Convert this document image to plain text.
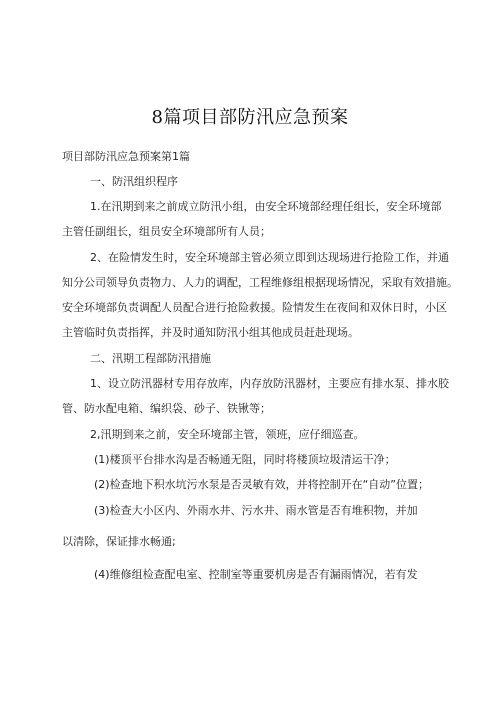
8篇项目部防汛应急预案
项目部防汛应急预案第1篇
一、防汛组织程序
1.在汛期到来之前成立防汛小组，由安全环境部经理任组长，安全环境部
主管任副组长，组员安全环境部所有人员；
2、在险情发生时，安全环境部主管必须立即到达现场进行抢险工作，并通
知分公司领导负责物力、人力的调配，工程维修组根据现场情况，采取有效措施。
安全环境部负责调配人员配合进行抢险救援。险情发生在夜间和双休日时，小区
主管临时负责指挥，并及时通知防汛小组其他成员赶赴现场。
二、汛期工程部防汛措施
1、设立防汛器材专用存放库，内存放防汛器材，主要应有排水泵、排水胶
管、防水配电箱、编织袋、砂子、铁锹等；
2,汛期到来之前，安全环境部主管，领班，应仔细巡查。
(1)楼顶平台排水沟是否畅通无阻，同时将楼顶垃圾清运干净；
(2)检查地下积水坑污水泵是否灵敏有效，并将控制开在“自动”位置；
(3)检查大小区内、外雨水井、污水井、雨水管是否有堆积物，并加
以清除，保证排水畅通;
(4)维修组检查配电室、控制室等重要机房是否有漏雨情况，若有发
